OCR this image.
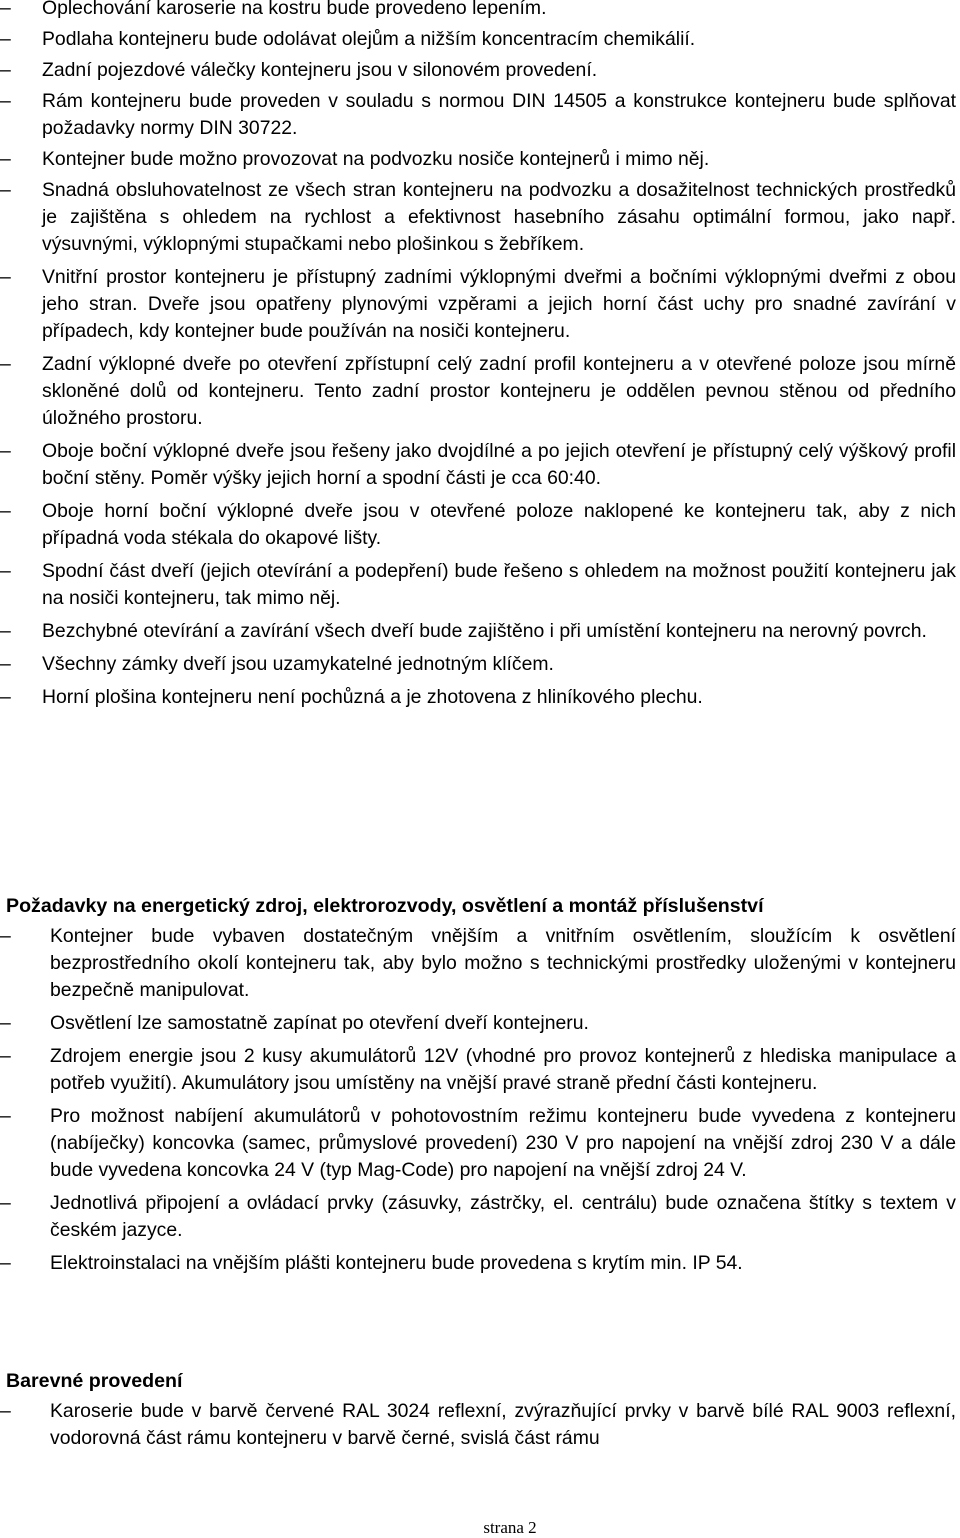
–	Oplechování karoserie na kostru bude provedeno lepením.
–	Podlaha kontejneru bude odolávat olejům a nižším koncentracím chemikálií.
–	Zadní pojezdové válečky kontejneru jsou v silonovém provedení.
–	Rám kontejneru bude proveden v souladu s normou DIN 14505 a konstrukce kontejneru bude splňovat požadavky normy DIN 30722.
–	Kontejner bude možno provozovat na podvozku nosiče kontejnerů i mimo něj.
–	Snadná obsluhovatelnost ze všech stran kontejneru na podvozku a dosažitelnost technických prostředků je zajištěna s ohledem na rychlost a efektivnost hasebního zásahu optimální formou, jako např. výsuvnými, výklopnými stupačkami nebo plošinkou s žebříkem.
–	Vnitřní prostor kontejneru je přístupný zadními výklopnými dveřmi a bočními výklopnými dveřmi z obou jeho stran. Dveře jsou opatřeny plynovými vzpěrami a jejich horní část uchy pro snadné zavírání v případech, kdy kontejner bude používán na nosiči kontejneru.
–	Zadní výklopné dveře po otevření zpřístupní celý zadní profil kontejneru a v otevřené poloze jsou mírně skloněné dolů od kontejneru. Tento zadní prostor kontejneru je oddělen pevnou stěnou od předního úložného prostoru.
–	Oboje boční výklopné dveře jsou řešeny jako dvojdílné a po jejich otevření je přístupný celý výškový profil boční stěny. Poměr výšky jejich horní a spodní části je cca 60:40.
–	Oboje horní boční výklopné dveře jsou v otevřené poloze naklopené ke kontejneru tak, aby z nich případná voda stékala do okapové lišty.
–	Spodní část dveří (jejich otevírání a podepření) bude řešeno s ohledem na možnost použití kontejneru jak na nosiči kontejneru, tak mimo něj.
–	Bezchybné otevírání a zavírání všech dveří bude zajištěno i při umístění kontejneru na nerovný povrch.
–	Všechny zámky dveří jsou uzamykatelné jednotným klíčem.
–	Horní plošina kontejneru není pochůzná a je zhotovena z hliníkového plechu.
Požadavky na energetický zdroj, elektrorozvody, osvětlení a montáž příslušenství
–	Kontejner bude vybaven dostatečným vnějším a vnitřním osvětlením, sloužícím k osvětlení bezprostředního okolí kontejneru tak, aby bylo možno s technickými prostředky uloženými v kontejneru bezpečně manipulovat.
–	Osvětlení lze samostatně zapínat po otevření dveří kontejneru.
–	Zdrojem energie jsou 2 kusy akumulátorů 12V (vhodné pro provoz kontejnerů z hlediska manipulace a potřeb využití). Akumulátory jsou umístěny na vnější pravé straně přední části kontejneru.
–	Pro možnost nabíjení akumulátorů v pohotovostním režimu kontejneru bude vyvedena z kontejneru (nabíječky) koncovka (samec, průmyslové provedení) 230 V pro napojení na vnější zdroj 230 V a dále bude vyvedena koncovka 24 V (typ Mag-Code) pro napojení na vnější zdroj 24 V.
–	Jednotlivá připojení a ovládací prvky (zásuvky, zástrčky, el. centrálu) bude označena štítky s textem v českém jazyce.
–	Elektroinstalaci na vnějším plášti kontejneru bude provedena s krytím min. IP 54.
Barevné provedení
–	Karoserie bude v barvě červené RAL 3024 reflexní, zvýrazňující prvky v barvě bílé RAL 9003 reflexní, vodorovná část rámu kontejneru v barvě černé, svislá část rámu
strana 2
